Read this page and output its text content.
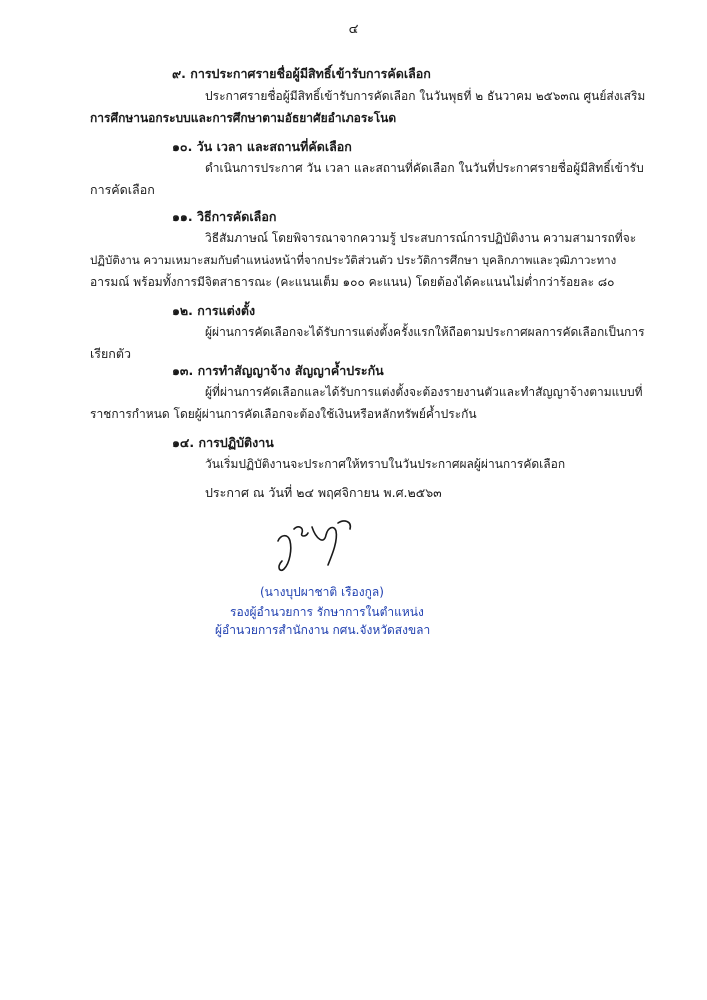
๔
๙. การประกาศรายชื่อผู้มีสิทธิ์เข้ารับการคัดเลือก
ประกาศรายชื่อผู้มีสิทธิ์เข้ารับการคัดเลือก ในวันพุธที่ ๒ ธันวาคม ๒๕๖๓ณ ศูนย์ส่งเสริม
การศึกษานอกระบบและการศึกษาตามอัธยาศัยอำเภอระโนด
๑๐. วัน เวลา และสถานที่คัดเลือก
ดำเนินการประกาศ วัน เวลา และสถานที่คัดเลือก ในวันที่ประกาศรายชื่อผู้มีสิทธิ์เข้ารับ
การคัดเลือก
๑๑. วิธีการคัดเลือก
วิธีสัมภาษณ์ โดยพิจารณาจากความรู้ ประสบการณ์การปฏิบัติงาน ความสามารถที่จะ
ปฏิบัติงาน ความเหมาะสมกับตำแหน่งหน้าที่จากประวัติส่วนตัว ประวัติการศึกษา บุคลิกภาพและวุฒิภาวะทาง
อารมณ์ พร้อมทั้งการมีจิตสาธารณะ (คะแนนเต็ม ๑๐๐ คะแนน) โดยต้องได้คะแนนไม่ต่ำกว่าร้อยละ ๘๐
๑๒. การแต่งตั้ง
ผู้ผ่านการคัดเลือกจะได้รับการแต่งตั้งครั้งแรกให้ถือตามประกาศผลการคัดเลือกเป็นการ
เรียกตัว
๑๓. การทำสัญญาจ้าง สัญญาค้ำประกัน
ผู้ที่ผ่านการคัดเลือกและได้รับการแต่งตั้งจะต้องรายงานตัวและทำสัญญาจ้างตามแบบที่
ราชการกำหนด โดยผู้ผ่านการคัดเลือกจะต้องใช้เงินหรือหลักทรัพย์ค้ำประกัน
๑๔. การปฏิบัติงาน
วันเริ่มปฏิบัติงานจะประกาศให้ทราบในวันประกาศผลผู้ผ่านการคัดเลือก
ประกาศ ณ วันที่ ๒๔ พฤศจิกายน พ.ศ.๒๕๖๓
(นางบุปผาชาติ เรืองกูล)
รองผู้อำนวยการ รักษาการในตำแหน่ง
ผู้อำนวยการสำนักงาน กศน.จังหวัดสงขลา
